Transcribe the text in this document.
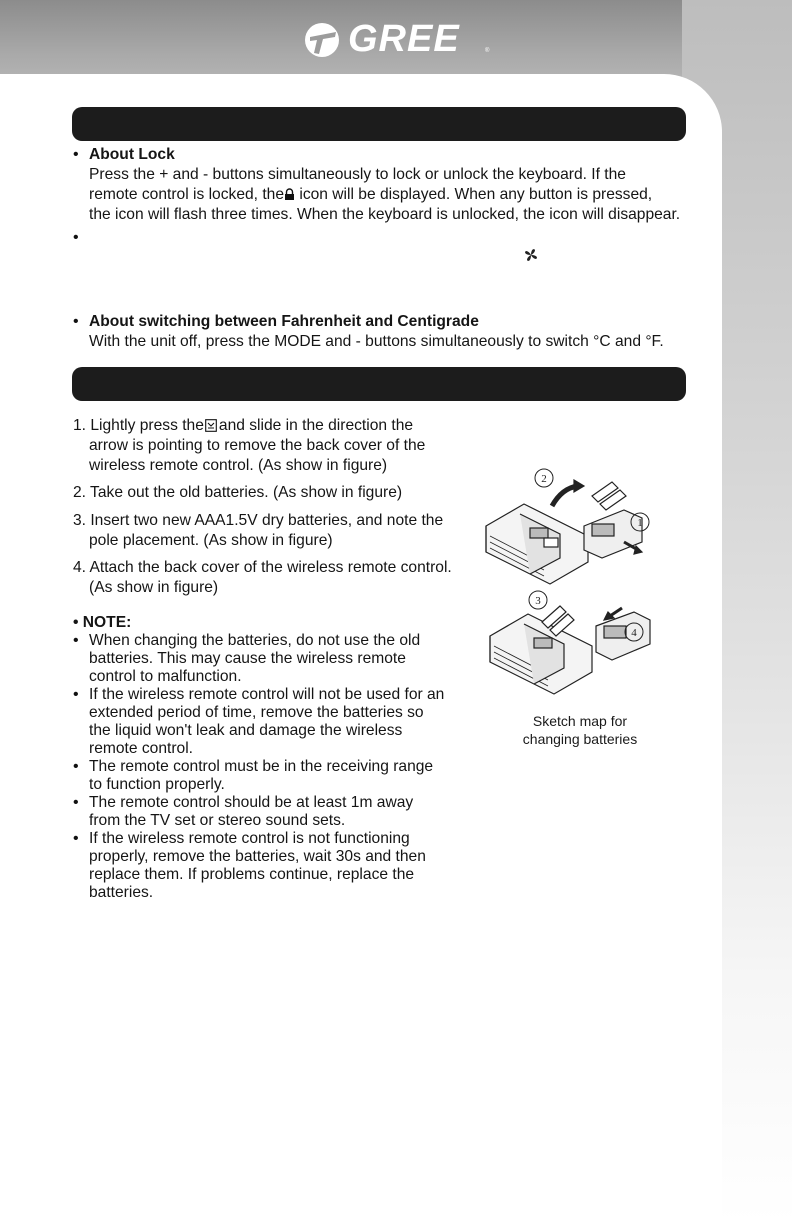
GREE	®
• About Lock
Press the + and - buttons simultaneously to lock or unlock the keyboard. If the
remote control is locked, the icon will be displayed. When any button is pressed,
the icon will flash three times. When the keyboard is unlocked, the icon will disappear.
•
• About switching between Fahrenheit and Centigrade
With the unit off, press the MODE and - buttons simultaneously to switch °C and °F.
1. Lightly press the and slide in the direction the
arrow is pointing to remove the back cover of the
wireless remote control. (As show in figure)
2. Take out the old batteries. (As show in figure)
3. Insert two new AAA1.5V dry batteries, and note the
pole placement. (As show in figure)
4. Attach the back cover of the wireless remote control.
(As show in figure)
• NOTE:
• When changing the batteries, do not use the old
batteries. This may cause the wireless remote
control to malfunction.
• If the wireless remote control will not be used for an
extended period of time, remove the batteries so
the liquid won't leak and damage the wireless
remote control.
• The remote control must be in the receiving range
to function properly.
• The remote control should be at least 1m away
from the TV set or stereo sound sets.
• If the wireless remote control is not functioning
properly, remove the batteries, wait 30s and then
replace them. If problems continue, replace the
batteries.
2
1
3
4
Sketch map for
changing batteries
